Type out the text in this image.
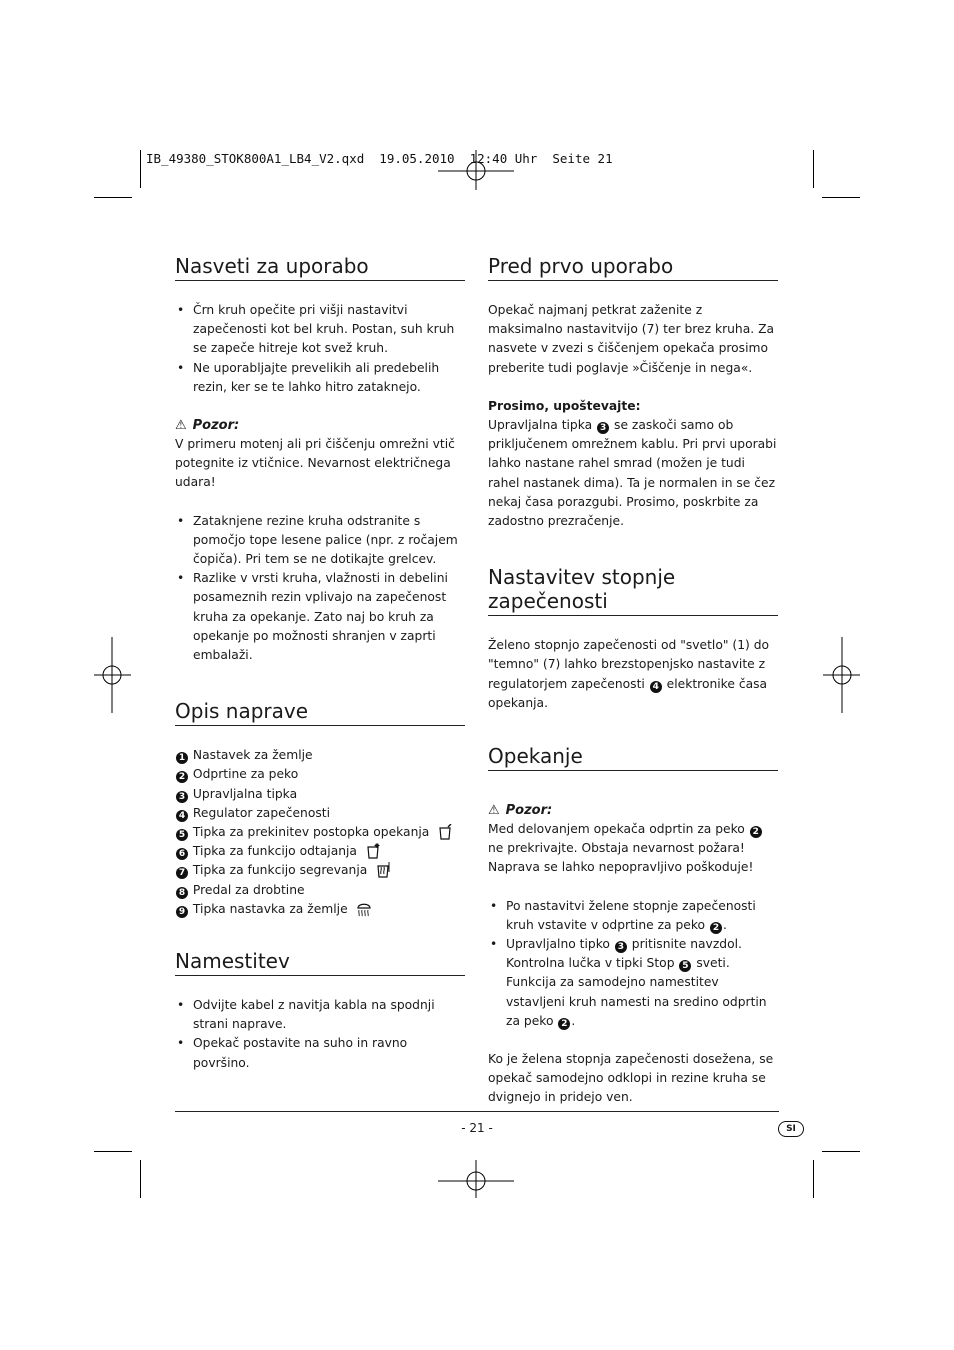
IB_49380_STOK800A1_LB4_V2.qxd  19.05.2010  12:40 Uhr  Seite 21
Nasveti za uporabo
• Črn kruh opečite pri višji nastavitvi zapečenosti kot bel kruh. Postan, suh kruh se zapeče hitreje kot svež kruh.
• Ne uporabljajte prevelikih ali predebelih rezin, ker se te lahko hitro zataknejo.
⚠ Pozor:

V primeru motenj ali pri čiščenju omrežni vtič potegnite iz vtičnice. Nevarnost električnega udara!

• Zataknjene rezine kruha odstranite s pomočjo tope lesene palice (npr. z ročajem čopiča). Pri tem se ne dotikajte grelcev.
• Razlike v vrsti kruha, vlažnosti in debelini posameznih rezin vplivajo na zapečenost kruha za opekanje. Zato naj bo kruh za opekanje po možnosti shranjen v zaprti embalaži.
Opis naprave
1 Nastavek za žemlje
2 Odprtine za peko
3 Upravljalna tipka
4 Regulator zapečenosti
5 Tipka za prekinitev postopka opekanja
6 Tipka za funkcijo odtajanja
7 Tipka za funkcijo segrevanja
8 Predal za drobtine
9 Tipka nastavka za žemlje
Namestitev
• Odvijte kabel z navitja kabla na spodnji strani naprave.
• Opekač postavite na suho in ravno površino.
Pred prvo uporabo

Opekač najmanj petkrat zaženite z maksimalno nastavitvijo (7) ter brez kruha. Za nasvete v zvezi s čiščenjem opekača prosimo preberite tudi poglavje »Čiščenje in nega«.

Prosimo, upoštevajte:

Upravljalna tipka 3 se zaskoči samo ob priključenem omrežnem kablu. Pri prvi uporabi lahko nastane rahel smrad (možen je tudi rahel nastanek dima). Ta je normalen in se čez nekaj časa porazgubi. Prosimo, poskrbite za zadostno prezračenje.

Nastavitev stopnje zapečenosti

Želeno stopnjo zapečenosti od "svetlo" (1) do "temno" (7) lahko brezstopenjsko nastavite z regulatorjem zapečenosti 4 elektronike časa opekanja.

Opekanje
⚠ Pozor:

Med delovanjem opekača odprtin za peko 2 ne prekrivajte. Obstaja nevarnost požara! Naprava se lahko nepopravljivo poškoduje!

• Po nastavitvi želene stopnje zapečenosti kruh vstavite v odprtine za peko 2 .
• Upravljalno tipko 3 pritisnite navzdol. Kontrolna lučka v tipki Stop 5 sveti. Funkcija za samodejno namestitev vstavljeni kruh namesti na sredino odprtin za peko 2 .

Ko je želena stopnja zapečenosti dosežena, se opekač samodejno odklopi in rezine kruha se dvignejo in pridejo ven.

- 21 -	SI
